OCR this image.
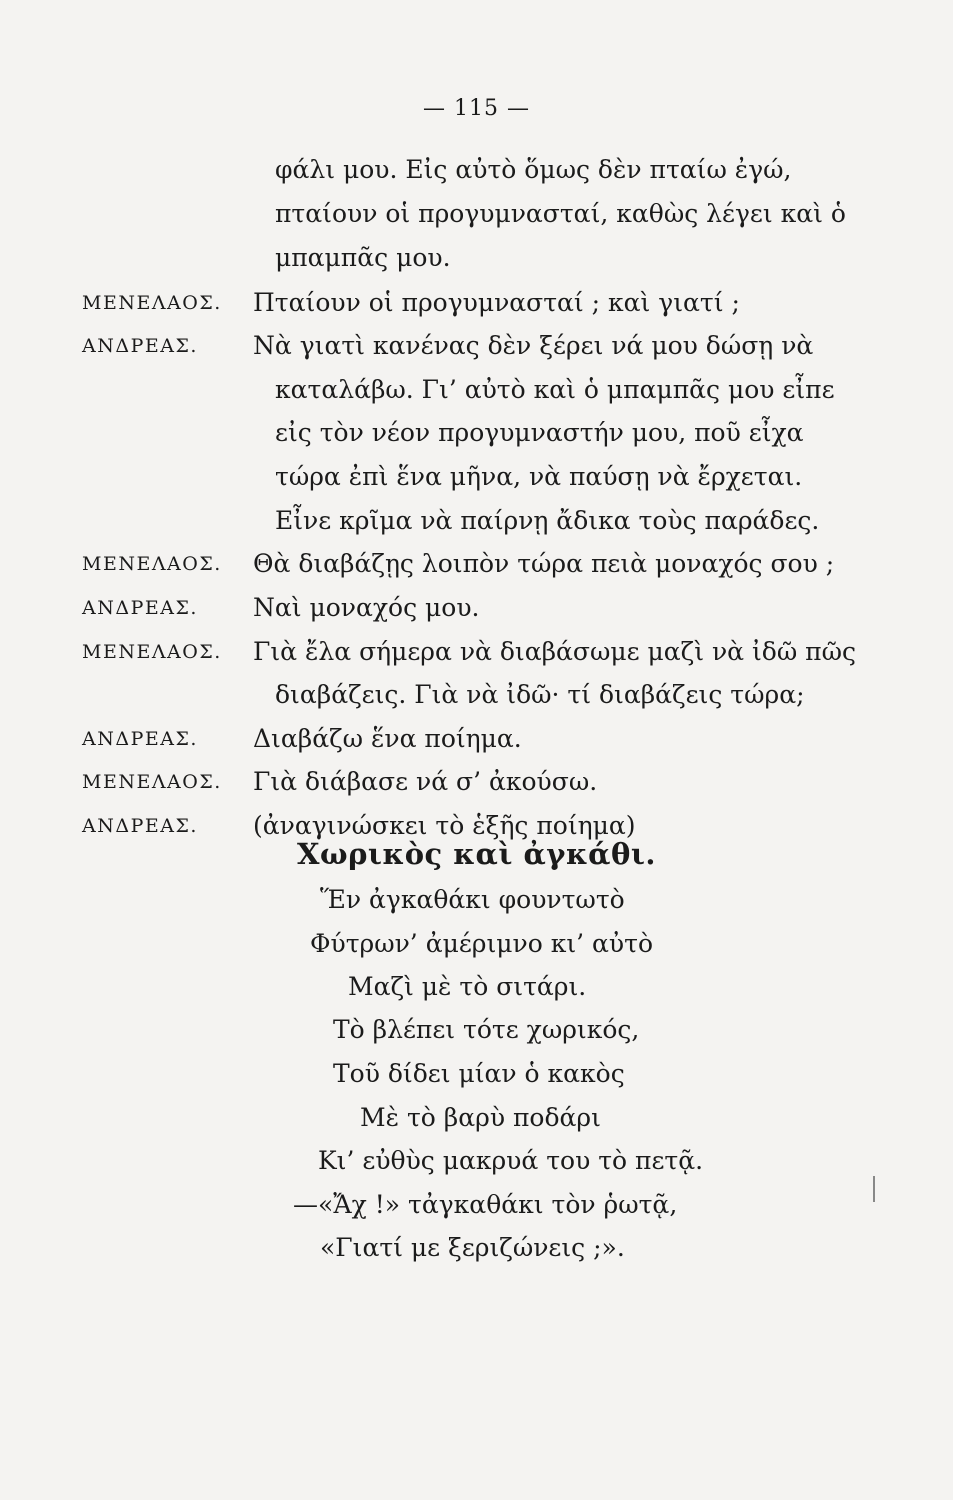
— 115 —
φάλι μου. Εἰς αὐτὸ ὅμως δὲν πταίω ἐγώ,
πταίουν οἱ προγυμνασταί, καθὼς λέγει καὶ ὁ
μπαμπᾶς μου.
ΜΕΝΕΛΑΟΣ. Πταίουν οἱ προγυμνασταί ; καὶ γιατί ;
ΑΝΔΡΕΑΣ. Νὰ γιατὶ κανένας δὲν ξέρει νά μου δώσῃ νὰ
καταλάβω. Γι’ αὐτὸ καὶ ὁ μπαμπᾶς μου εἶπε
εἰς τὸν νέον προγυμναστήν μου, ποῦ εἶχα
τώρα ἐπὶ ἕνα μῆνα, νὰ παύσῃ νὰ ἔρχεται.
Εἶνε κρῖμα νὰ παίρνῃ ἄδικα τοὺς παράδες.
ΜΕΝΕΛΑΟΣ. Θὰ διαβάζῃς λοιπὸν τώρα πειὰ μοναχός σου ;
ΑΝΔΡΕΑΣ. Ναὶ μοναχός μου.
ΜΕΝΕΛΑΟΣ. Γιὰ ἔλα σήμερα νὰ διαβάσωμε μαζὶ νὰ ἰδῶ πῶς
διαβάζεις. Γιὰ νὰ ἰδῶ· τί διαβάζεις τώρα;
ΑΝΔΡΕΑΣ. Διαβάζω ἕνα ποίημα.
ΜΕΝΕΛΑΟΣ. Γιὰ διάβασε νά σ’ ἀκούσω.
ΑΝΔΡΕΑΣ. (ἀναγινώσκει τὸ ἑξῆς ποίημα)
Χωρικὸς καὶ ἀγκάθι.
Ἕν ἀγκαθάκι φουντωτὸ
Φύτρων’ ἀμέριμνο κι’ αὐτὸ
Μαζὶ μὲ τὸ σιτάρι.
Τὸ βλέπει τότε χωρικός,
Τοῦ δίδει μίαν ὁ κακὸς
Μὲ τὸ βαρὺ ποδάρι
Κι’ εὐθὺς μακρυά του τὸ πετᾷ.
—«Ἄχ !» τἀγκαθάκι τὸν ῥωτᾷ,
«Γιατί με ξεριζώνεις ;».
